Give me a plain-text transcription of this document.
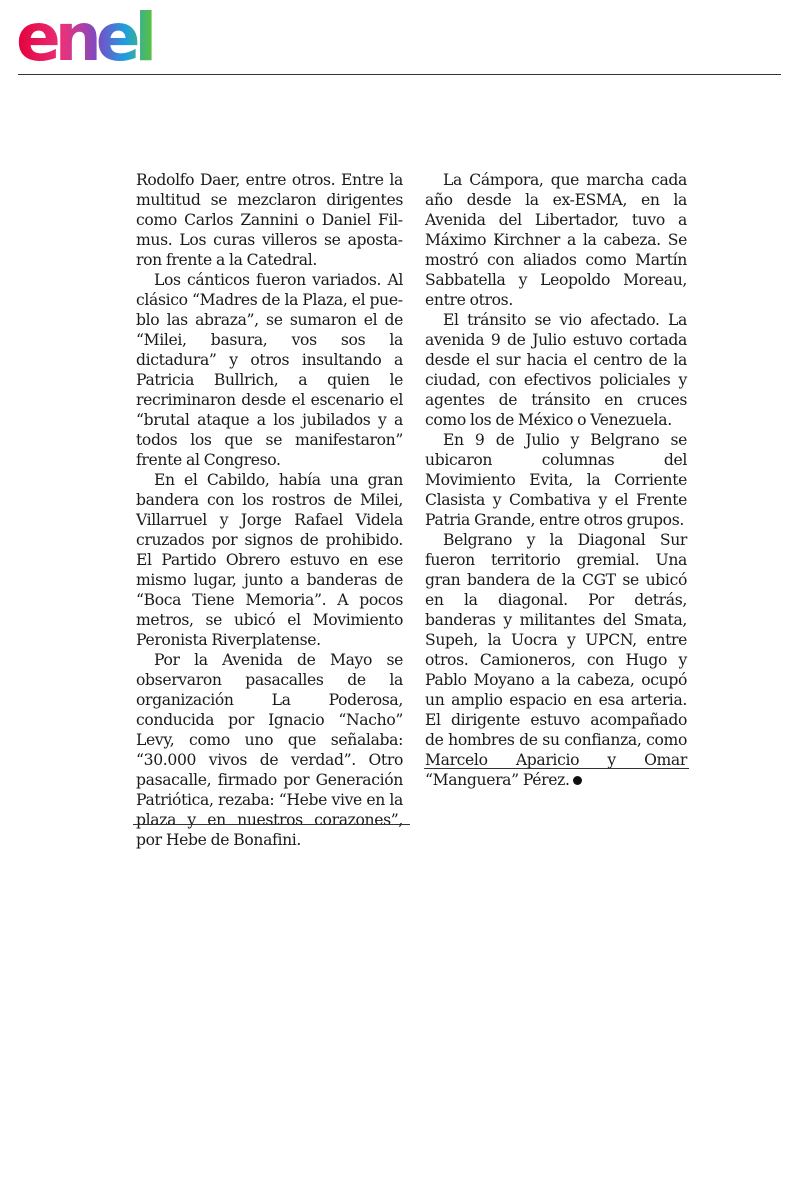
enel

Rodolfo Daer, entre otros. Entre la multitud se mezclaron dirigentes como Carlos Zannini o Daniel Filmus. Los curas villeros se apostaron frente a la Catedral.

Los cánticos fueron variados. Al clásico “Madres de la Plaza, el pueblo las abraza”, se sumaron el de “Milei, basura, vos sos la dictadura” y otros insultando a Patricia Bullrich, a quien le recriminaron desde el escenario el “brutal ataque a los jubilados y a todos los que se manifestaron” frente al Congreso.

En el Cabildo, había una gran bandera con los rostros de Milei, Villarruel y Jorge Rafael Videla cruzados por signos de prohibido. El Partido Obrero estuvo en ese mismo lugar, junto a banderas de “Boca Tiene Memoria”. A pocos metros, se ubicó el Movimiento Peronista Riverplatense.

Por la Avenida de Mayo se observaron pasacalles de la organización La Poderosa, conducida por Ignacio “Nacho” Levy, como uno que señalaba: “30.000 vivos de verdad”. Otro pasacalle, firmado por Generación Patriótica, rezaba: “Hebe vive en la plaza y en nuestros corazones”, por Hebe de Bonafini.

La Cámpora, que marcha cada año desde la ex-ESMA, en la Avenida del Libertador, tuvo a Máximo Kirchner a la cabeza. Se mostró con aliados como Martín Sabbatella y Leopoldo Moreau, entre otros.

El tránsito se vio afectado. La avenida 9 de Julio estuvo cortada desde el sur hacia el centro de la ciudad, con efectivos policiales y agentes de tránsito en cruces como los de México o Venezuela.

En 9 de Julio y Belgrano se ubicaron columnas del Movimiento Evita, la Corriente Clasista y Combativa y el Frente Patria Grande, entre otros grupos.

Belgrano y la Diagonal Sur fueron territorio gremial. Una gran bandera de la CGT se ubicó en la diagonal. Por detrás, banderas y militantes del Smata, Supeh, la Uocra y UPCN, entre otros. Camioneros, con Hugo y Pablo Moyano a la cabeza, ocupó un amplio espacio en esa arteria. El dirigente estuvo acompañado de hombres de su confianza, como Marcelo Aparicio y Omar “Manguera” Pérez.
